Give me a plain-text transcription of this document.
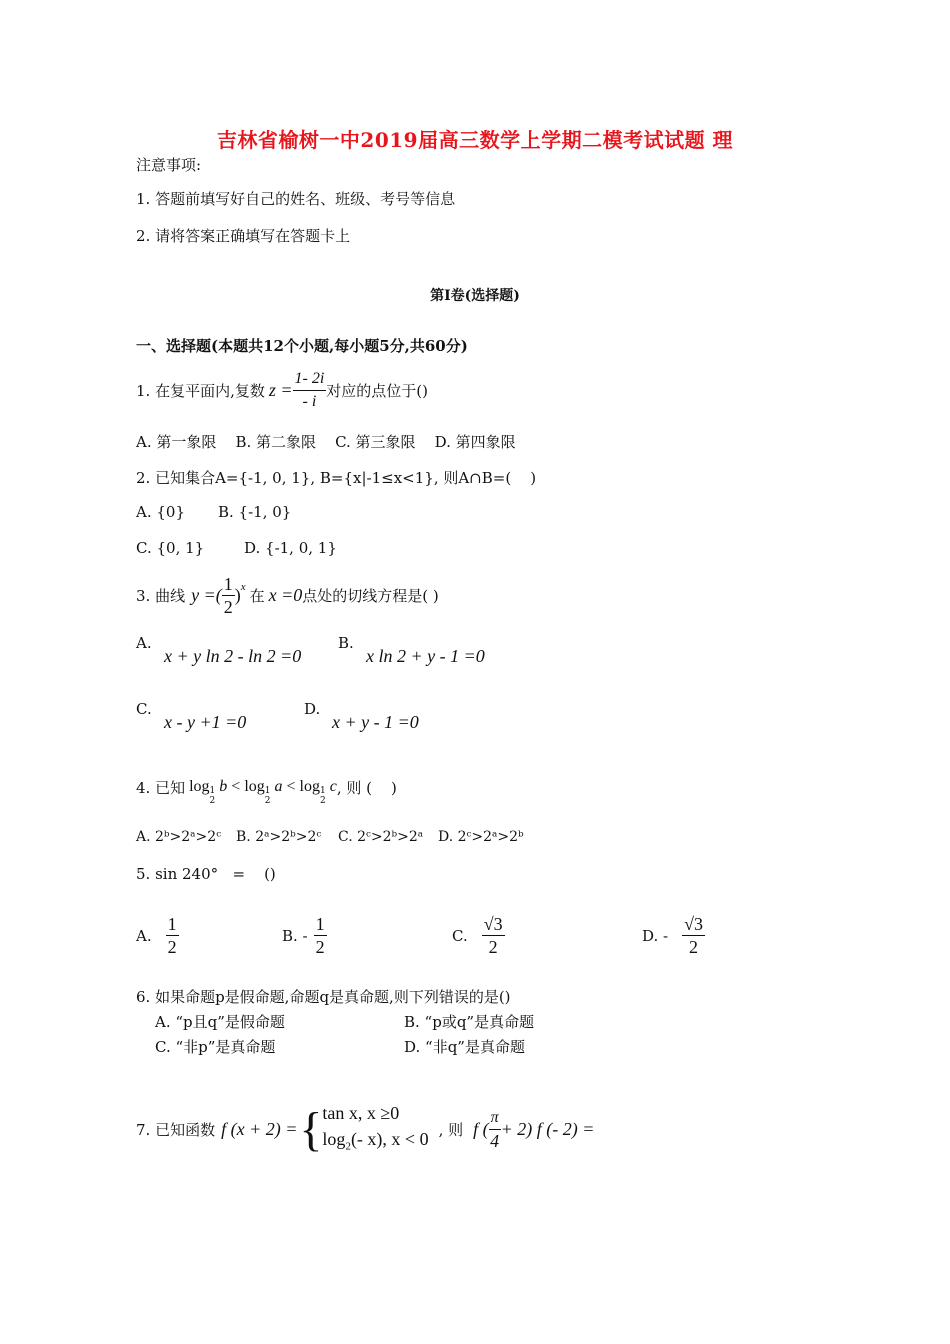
吉林省榆树一中2019届高三数学上学期二模考试试题 理
注意事项:
1. 答题前填写好自己的姓名、班级、考号等信息
2. 请将答案正确填写在答题卡上
第Ⅰ卷(选择题)
一、选择题(本题共12个小题,每小题5分,共60分)
1. 在复平面内,复数 $z = \frac{1- 2i}{- i}$ 对应的点位于()
A. 第一象限    B. 第二象限    C. 第三象限    D. 第四象限
2. 已知集合A={-1, 0, 1}, B={x|-1≤x<1}, 则A∩B=(    )
A. {0} B. {-1, 0}
C. {0, 1}	D. {-1, 0, 1}
3. 曲线 y =( $\frac{1}{2}$ ) x 在 x =0 点处的切线方程是( )
A.
x + y ln 2 - ln 2 =0
B.
x ln 2 + y - 1 =0
C.
x - y +1 =0
D.
x + y - 1 =0
4. 已知 log 1
2
b < log 1
2
a < log 1
2
c , 则 (    )
A. 2ᵇ>2ᵃ>2ᶜ B. 2ᵃ>2ᵇ>2ᶜ C. 2ᶜ>2ᵇ>2ᵃ D. 2ᶜ>2ᵃ>2ᵇ
5. sin 240°   =    ()
A. $\frac{1}{2}$	B. - $\frac{1}{2}$	C. $\frac{√3}{2}$	D. - $\frac{√3}{2}$
6. 如果命题p是假命题,命题q是真命题,则下列错误的是()
A. “p且q”是假命题	B. “p或q”是真命题
C. “非p”是真命题	D. “非q”是真命题
7. 已知函数 f (x + 2) = { tan x, x ≥0
$\log_2(-$ x), x < 0 , 则 f ( $\frac{\pi}{4} + 2$) f (- 2) =
